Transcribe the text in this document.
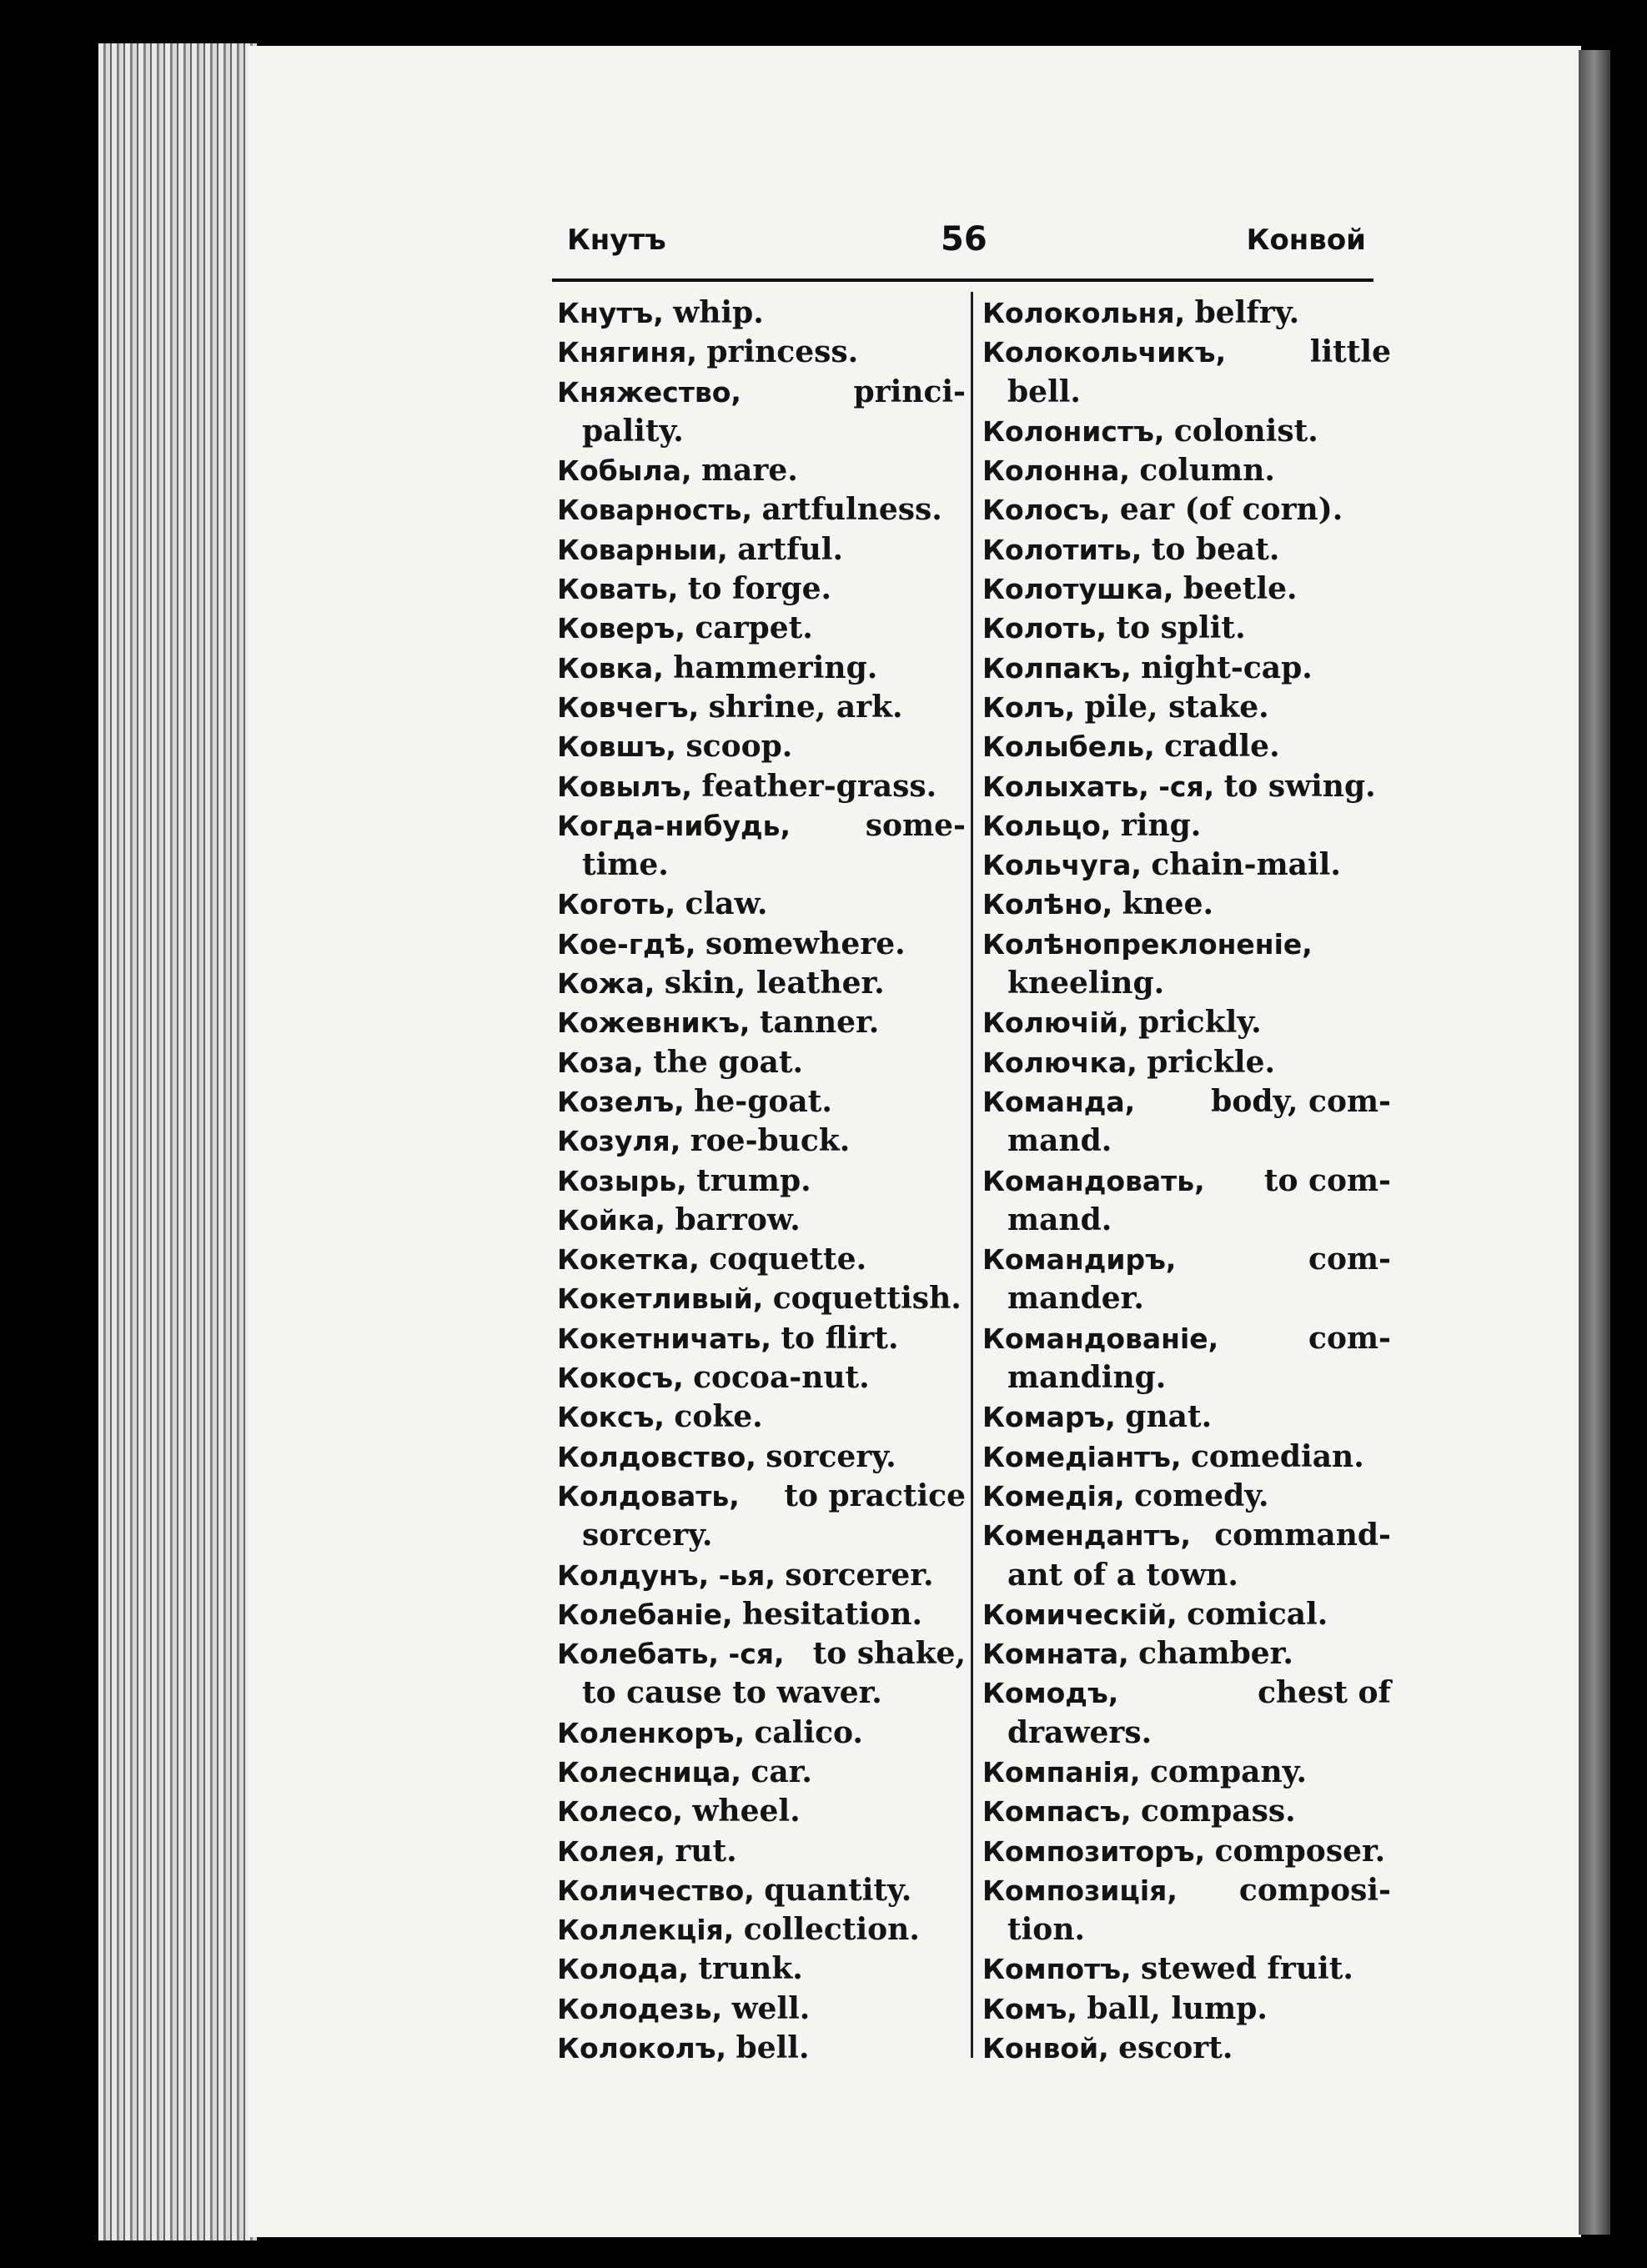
Кнутъ	56	Конвой
Кнутъ, whip.
Княгиня, princess.
Княжество,	princi-
pality.
Кобыла, mare.
Коварность, artfulness.
Коварныи, artful.
Ковать, to forge.
Коверъ, carpet.
Ковка, hammering.
Ковчегъ, shrine, ark.
Ковшъ, scoop.
Ковылъ, feather-grass.
Когда-нибудь, some-
time.
Коготь, claw.
Кое-гдѣ, somewhere.
Кожа, skin, leather.
Кожевникъ, tanner.
Коза, the goat.
Козелъ, he-goat.
Козуля, roe-buck.
Козырь, trump.
Койка, barrow.
Кокетка, coquette.
Кокетливый, coquettish.
Кокетничать, to flirt.
Кокосъ, cocoa-nut.
Коксъ, coke.
Колдовство, sorcery.
Колдовать, to practice
sorcery.
Колдунъ, -ья, sorcerer.
Колебаніе, hesitation.
Колебать, -ся, to shake,
to cause to waver.
Коленкоръ, calico.
Колесница, car.
Колесо, wheel.
Колея, rut.
Количество, quantity.
Коллекція, collection.
Колода, trunk.
Колодезь, well.
Колоколъ, bell.
Колокольня, belfry.
Колокольчикъ,	little
bell.
Колонистъ, colonist.
Колонна, column.
Колосъ, ear (of corn).
Колотить, to beat.
Колотушка, beetle.
Колоть, to split.
Колпакъ, night-cap.
Колъ, pile, stake.
Колыбель, cradle.
Колыхать, -ся, to swing.
Кольцо, ring.
Кольчуга, chain-mail.
Колѣно, knee.
Колѣнопреклоненіе,
kneeling.
Колючій, prickly.
Колючка, prickle.
Команда,	body, com-
mand.
Командовать, to com-
mand.
Командиръ,	com-
mander.
Командованіе,	com-
manding.
Комаръ, gnat.
Комедіантъ, comedian.
Комедія, comedy.
Комендантъ, command-
ant of a town.
Комическій, comical.
Комната, chamber.
Комодъ,	chest of
drawers.
Компанія, company.
Компасъ, compass.
Композиторъ, composer.
Композиція, composi-
tion.
Компотъ, stewed fruit.
Комъ, ball, lump.
Конвой, escort.
